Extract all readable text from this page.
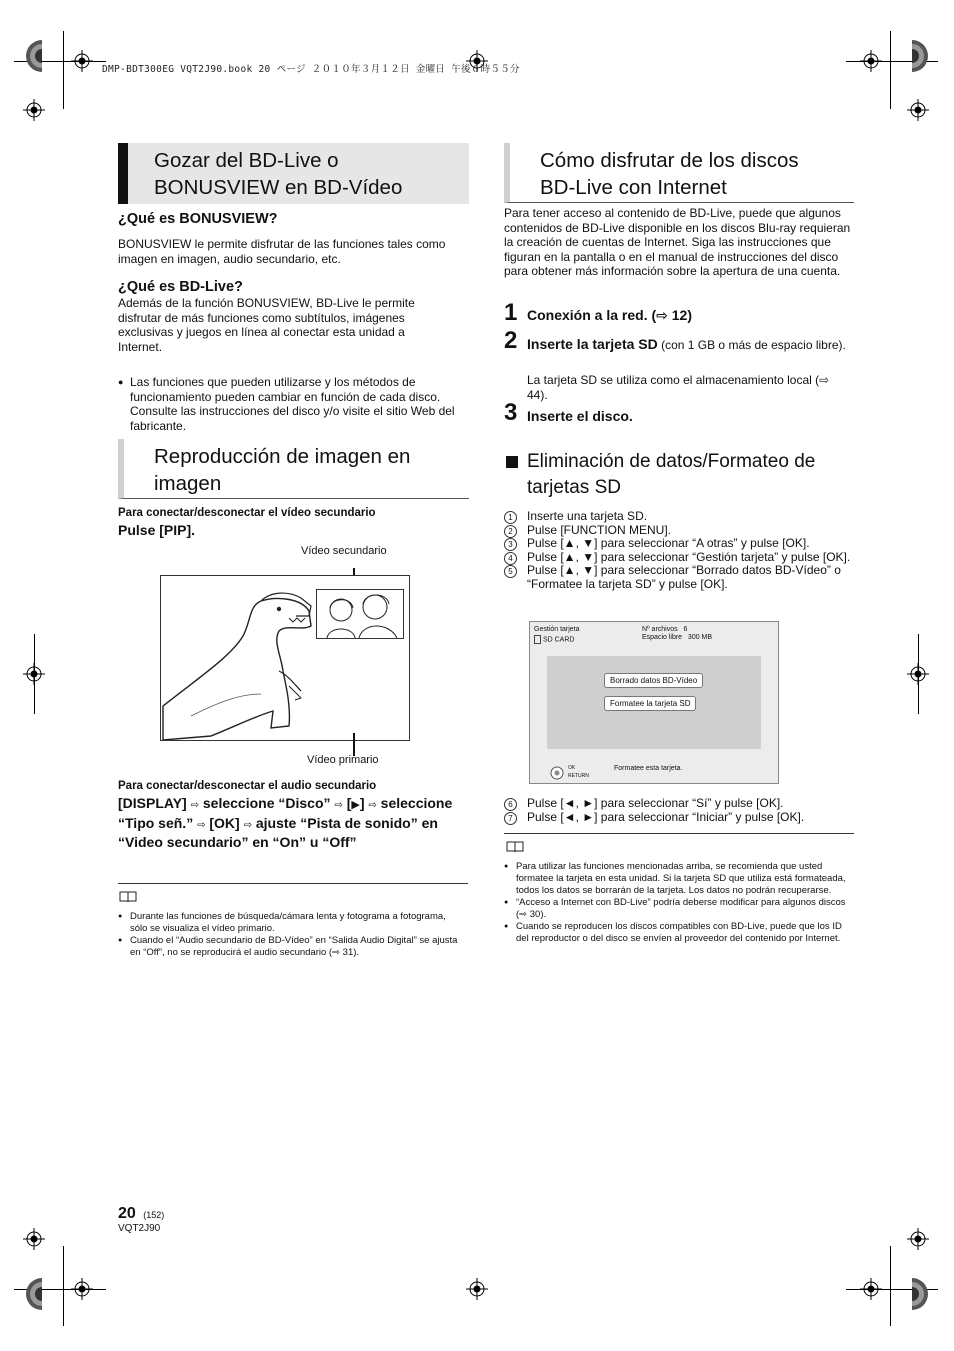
DMP-BDT300EG VQT2J90.book 20 ページ ２０１０年３月１２日 金曜日 午後６時５５分
Gozar del BD-Live o
BONUSVIEW en BD-Vídeo
¿Qué es BONUSVIEW?
BONUSVIEW le permite disfrutar de las funciones tales como imagen en imagen, audio secundario, etc.
¿Qué es BD-Live?
Además de la función BONUSVIEW, BD-Live le permite disfrutar de más funciones como subtítulos, imágenes exclusivas y juegos en línea al conectar esta unidad a Internet.
● Las funciones que pueden utilizarse y los métodos de funcionamiento pueden cambiar en función de cada disco. Consulte las instrucciones del disco y/o visite el sitio Web del fabricante.
Reproducción de imagen en
imagen
Para conectar/desconectar el vídeo secundario
Pulse [PIP].
Vídeo secundario
Vídeo primario
Para conectar/desconectar el audio secundario
[DISPLAY] ⇨ seleccione “Disco” ⇨ [▶] ⇨ seleccione “Tipo señ.” ⇨ [OK] ⇨ ajuste “Pista de sonido” en “Video secundario” en “On” u “Off”
● Durante las funciones de búsqueda/cámara lenta y fotograma a fotograma, sólo se visualiza el vídeo primario.
● Cuando el “Audio secundario de BD-Vídeo” en “Salida Audio Digital” se ajusta en “Off”, no se reproducirá el audio secundario (⇨ 31).
Cómo disfrutar de los discos
BD-Live con Internet
Para tener acceso al contenido de BD-Live, puede que algunos contenidos de BD-Live disponible en los discos Blu-ray requieran la creación de cuentas de Internet. Siga las instrucciones que figuran en la pantalla o en el manual de instrucciones del disco para obtener más información sobre la apertura de una cuenta.
1 Conexión a la red. (⇨ 12)
2 Inserte la tarjeta SD (con 1 GB o más de espacio libre).
La tarjeta SD se utiliza como el almacenamiento local (⇨ 44).
3 Inserte el disco.
Eliminación de datos/Formateo de
tarjetas SD
1	Inserte una tarjeta SD.
2	Pulse [FUNCTION MENU].
3	Pulse [▲, ▼] para seleccionar “A otras” y pulse [OK].
4	Pulse [▲, ▼] para seleccionar “Gestión tarjeta” y pulse [OK].
5	Pulse [▲, ▼] para seleccionar “Borrado datos BD-Vídeo” o “Formatee la tarjeta SD” y pulse [OK].
Gestión tarjeta
SD CARD
Nº archivos 6
Espacio libre 300 MB
Borrado datos BD-Vídeo
Formatee la tarjeta SD
OK
RETURN
Formatee esta tarjeta.
6	Pulse [◄, ►] para seleccionar “Sí” y pulse [OK].
7	Pulse [◄, ►] para seleccionar “Iniciar” y pulse [OK].
● Para utilizar las funciones mencionadas arriba, se recomienda que usted formatee la tarjeta en esta unidad. Si la tarjeta SD que utiliza está formateada, todos los datos se borrarán de la tarjeta. Los datos no podrán recuperarse.
● “Acceso a Internet con BD-Live” podría deberse modificar para algunos discos (⇨ 30).
● Cuando se reproducen los discos compatibles con BD-Live, puede que los ID del reproductor o del disco se envíen al proveedor del contenido por Internet.
20 (152)
VQT2J90
